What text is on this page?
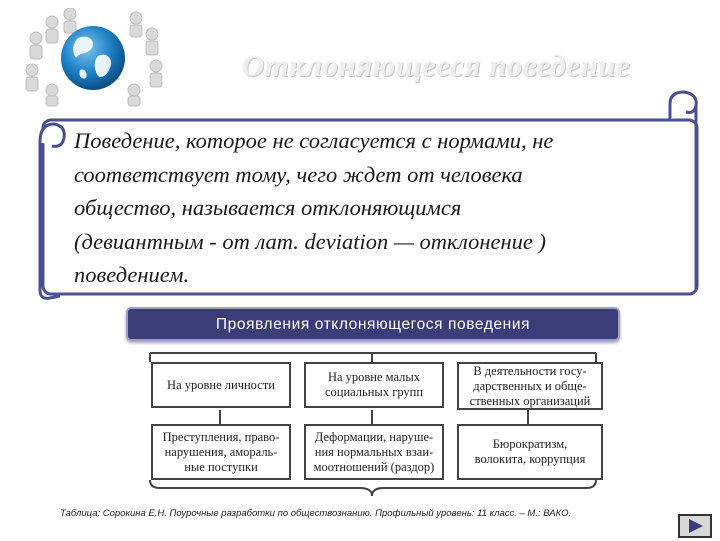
Отклоняющееся поведение
Поведение, которое не согласуется с нормами, не
соответствует тому, чего ждет от человека
общество, называется отклоняющимся
(девиантным - от лат. deviation — отклонение )
поведением.
Проявления отклоняющегося поведения
На уровне личности
На уровне малых
социальных групп
В деятельности госу-
дарственных и обще-
ственных организаций
Преступления, право-
нарушения, амораль-
ные поступки
Деформации, наруше-
ния нормальных взаи-
моотношений (раздор)
Бюрократизм,
волокита, коррупция
Таблица: Сорокина Е.Н. Поурочные разработки по обществознанию. Профильный уровень: 11 класс. – М.: ВАКО.
